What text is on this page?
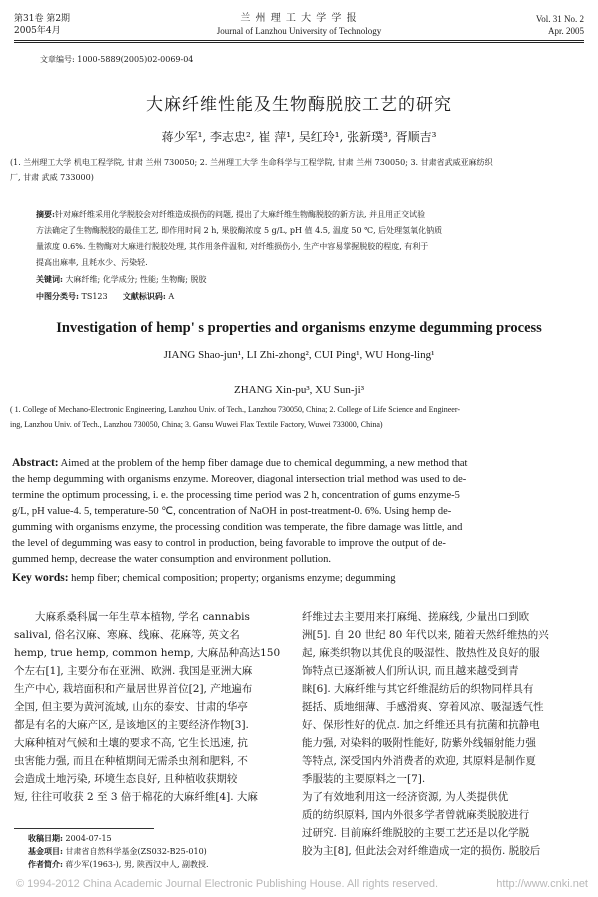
第31卷 第2期
2005年4月
兰 州 理 工 大 学 学 报
Journal of Lanzhou University of Technology
Vol. 31 No. 2
Apr. 2005
文章编号: 1000-5889(2005)02-0069-04
大麻纤维性能及生物酶脱胶工艺的研究
蒋少军¹, 李志忠², 崔 萍¹, 吴红玲¹, 张新璞³, 胥顺吉³
(1. 兰州理工大学 机电工程学院, 甘肃 兰州 730050; 2. 兰州理工大学 生命科学与工程学院, 甘肃 兰州 730050; 3. 甘肃省武威亚麻纺织
厂, 甘肃 武威 733000)
摘要:针对麻纤维采用化学脱胶会对纤维造成损伤的问题, 提出了大麻纤维生物酶脱胶的新方法, 并且用正交试验
方法确定了生物酶脱胶的最佳工艺, 即作用时间 2 h, 果胶酶浓度 5 g/L, pH 值 4.5, 温度 50 ℃, 后处理氢氧化钠质
量浓度 0.6%. 生物酶对大麻进行脱胶处理, 其作用条件温和, 对纤维损伤小, 生产中容易掌握脱胶的程度, 有利于
提高出麻率, 且耗水少、污染轻.
关键词: 大麻纤维; 化学成分; 性能; 生物酶; 脱胶
中图分类号: TS123 文献标识码: A
Investigation of hemp' s properties and organisms enzyme degumming process
JIANG Shao-jun¹, LI Zhi-zhong², CUI Ping¹, WU Hong-ling¹
ZHANG Xin-pu³, XU Sun-ji³
( 1. College of Mechano-Electronic Engineering, Lanzhou Univ. of Tech., Lanzhou 730050, China; 2. College of Life Science and Engineer-
ing, Lanzhou Univ. of Tech., Lanzhou 730050, China; 3. Gansu Wuwei Flax Textile Factory, Wuwei 733000, China)
Abstract: Aimed at the problem of the hemp fiber damage due to chemical degumming, a new method that
the hemp degumming with organisms enzyme. Moreover, diagonal intersection trial method was used to de-
termine the optimum processing, i. e. the processing time period was 2 h, concentration of gums enzyme-5
g/L, pH value-4. 5, temperature-50 ℃, concentration of NaOH in post-treatment-0. 6%. Using hemp de-
gumming with organisms enzyme, the processing condition was temperate, the fibre damage was little, and
the level of degumming was easy to control in production, being favorable to improve the output of de-
gummed hemp, decrease the water consumption and environment pollution.
Key words: hemp fiber; chemical composition; property; organisms enzyme; degumming
大麻系桑科属一年生草本植物, 学名 cannabis
salival, 俗名汉麻、寒麻、线麻、花麻等, 英文名
hemp, true hemp, common hemp, 大麻品种高达150
个左右[1], 主要分布在亚洲、欧洲. 我国是亚洲大麻
生产中心, 栽培面积和产量居世界首位[2], 产地遍布
全国, 但主要为黄河流域, 山东的泰安、甘肃的华亭
都是有名的大麻产区, 是该地区的主要经济作物[3].
大麻种植对气候和土壤的要求不高, 它生长迅速, 抗
虫害能力强, 而且在种植期间无需杀虫剂和肥料, 不
会造成土地污染, 环境生态良好, 且种植收获期较
短, 往往可收获 2 至 3 倍于棉花的大麻纤维[4]. 大麻
纤维过去主要用来打麻绳、搓麻线, 少量出口到欧
洲[5]. 自 20 世纪 80 年代以来, 随着天然纤维热的兴
起, 麻类织物以其优良的吸湿性、散热性及良好的服
饰特点已逐渐被人们所认识, 而且越来越受到青
睐[6]. 大麻纤维与其它纤维混纺后的织物同样具有
挺括、质地细薄、手感滑爽、穿着风凉、吸湿透气性
好、保形性好的优点. 加之纤维还具有抗菌和抗静电
能力强, 对染料的吸附性能好, 防紫外线辐射能力强
等特点, 深受国内外消费者的欢迎, 其原料是制作夏
季服装的主要原料之一[7].
为了有效地利用这一经济资源, 为人类提供优
质的纺织原料, 国内外很多学者曾就麻类脱胶进行
过研究. 目前麻纤维脱胶的主要工艺还是以化学脱
胶为主[8], 但此法会对纤维造成一定的损伤. 脱胶后
收稿日期: 2004-07-15
基金项目: 甘肃省自然科学基金(ZS032-B25-010)
作者简介: 蒋少军(1963-), 男, 陕西汉中人, 副教授.
© 1994-2012 China Academic Journal Electronic Publishing House. All rights reserved.	http://www.cnki.net
